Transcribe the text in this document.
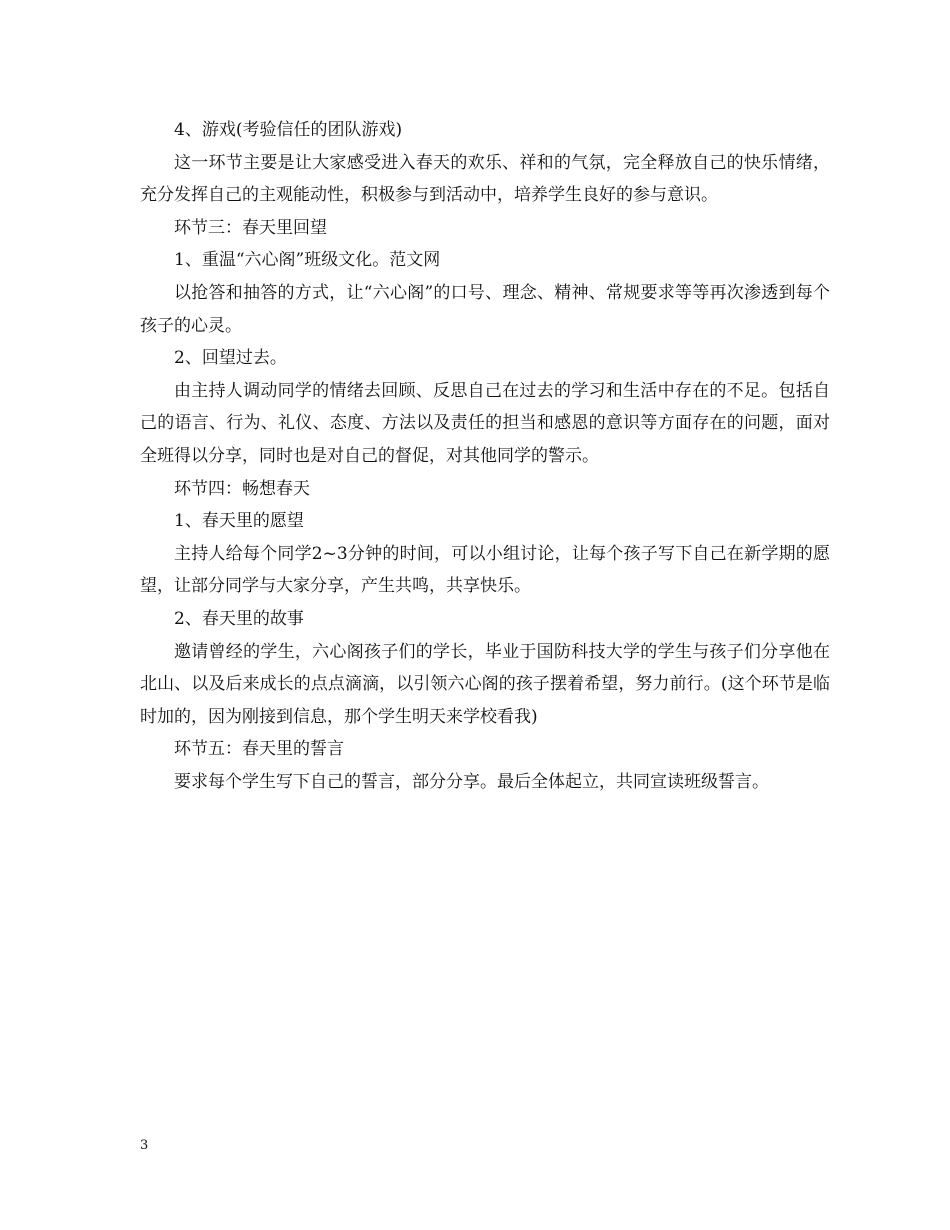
4、游戏(考验信任的团队游戏)

这一环节主要是让大家感受进入春天的欢乐、祥和的气氛，完全释放自己的快乐情绪，充分发挥自己的主观能动性，积极参与到活动中，培养学生良好的参与意识。

环节三：春天里回望

1、重温“六心阁”班级文化。范文网

以抢答和抽答的方式，让“六心阁”的口号、理念、精神、常规要求等等再次渗透到每个孩子的心灵。

2、回望过去。

由主持人调动同学的情绪去回顾、反思自己在过去的学习和生活中存在的不足。包括自己的语言、行为、礼仪、态度、方法以及责任的担当和感恩的意识等方面存在的问题，面对全班得以分享，同时也是对自己的督促，对其他同学的警示。

环节四：畅想春天

1、春天里的愿望

主持人给每个同学2~3分钟的时间，可以小组讨论，让每个孩子写下自己在新学期的愿望，让部分同学与大家分享，产生共鸣，共享快乐。

2、春天里的故事

邀请曾经的学生，六心阁孩子们的学长，毕业于国防科技大学的学生与孩子们分享他在北山、以及后来成长的点点滴滴，以引领六心阁的孩子摆着希望，努力前行。(这个环节是临时加的，因为刚接到信息，那个学生明天来学校看我)

环节五：春天里的誓言

要求每个学生写下自己的誓言，部分分享。最后全体起立，共同宣读班级誓言。

3
